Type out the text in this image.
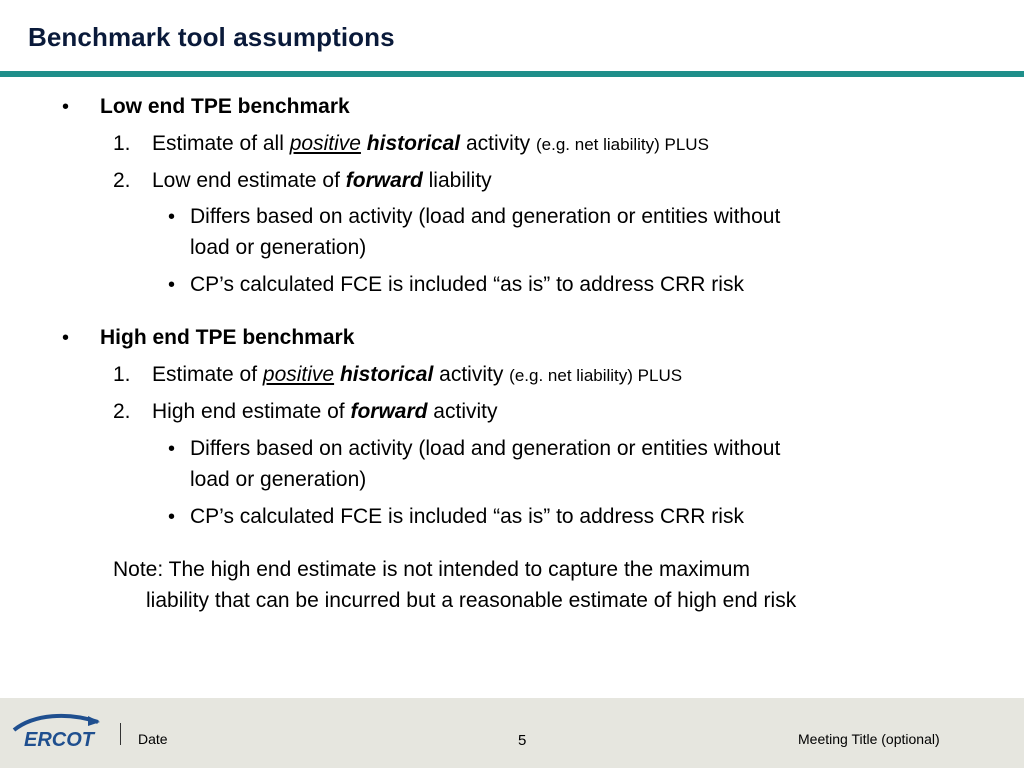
Benchmark tool assumptions
• Low end TPE benchmark
1. Estimate of all positive historical activity (e.g. net liability) PLUS
2. Low end estimate of forward liability
• Differs based on activity (load and generation or entities without
load or generation)
• CP’s calculated FCE is included “as is” to address CRR risk
• High end TPE benchmark
1. Estimate of positive historical activity (e.g. net liability) PLUS
2. High end estimate of forward activity
• Differs based on activity (load and generation or entities without
load or generation)
• CP’s calculated FCE is included “as is” to address CRR risk
Note: The high end estimate is not intended to capture the maximum
liability that can be incurred but a reasonable estimate of high end risk
ERCOT	Date	5	Meeting Title (optional)
